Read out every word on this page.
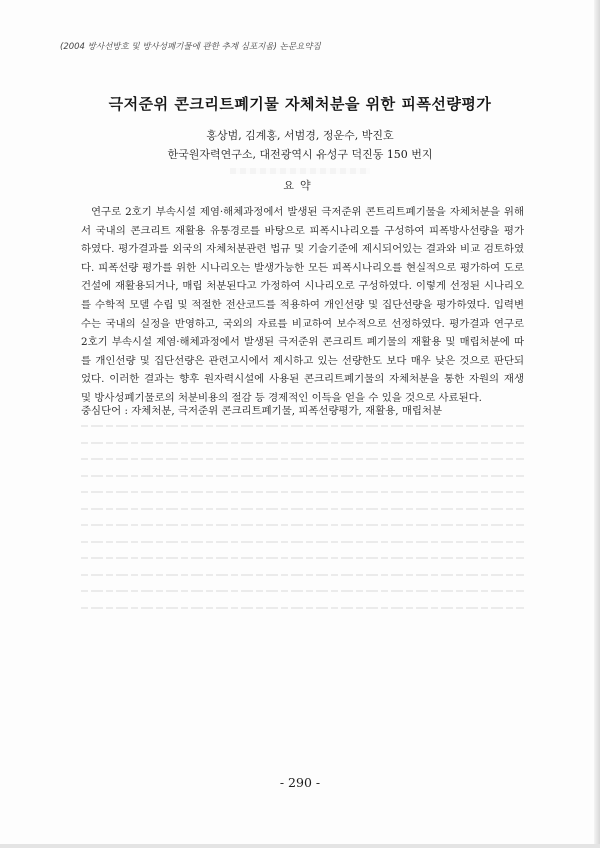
(2004 방사선방호 및 방사성폐기물에 관한 추계 심포지움) 논문요약집
극저준위 콘크리트폐기물 자체처분을 위한 피폭선량평가
홍상범, 김계홍, 서범경, 정운수, 박진호
한국원자력연구소, 대전광역시 유성구 덕진동 150 번지
요약
연구로 2호기 부속시설 제염·해체과정에서 발생된 극저준위 콘트리트폐기물을 자체처분을 위해
서 국내의 콘크리트 재활용 유통경로를 바탕으로 피폭시나리오를 구성하여 피폭방사선량을 평가
하였다. 평가결과를 외국의 자체처분관련 법규 및 기술기준에 제시되어있는 결과와 비교 검토하였
다. 피폭선량 평가를 위한 시나리오는 발생가능한 모든 피폭시나리오를 현실적으로 평가하여 도로
건설에 재활용되거나, 매립 처분된다고 가정하여 시나리오로 구성하였다. 이렇게 선정된 시나리오
를 수학적 모델 수립 및 적절한 전산코드를 적용하여 개인선량 및 집단선량을 평가하였다. 입력변
수는 국내의 실정을 반영하고, 국외의 자료를 비교하여 보수적으로 선정하였다. 평가결과 연구로
2호기 부속시설 제염·해체과정에서 발생된 극저준위 콘크리트 폐기물의 재활용 및 매립처분에 따
를 개인선량 및 집단선량은 관련고시에서 제시하고 있는 선량한도 보다 매우 낮은 것으로 판단되
었다. 이러한 결과는 향후 원자력시설에 사용된 콘크리트폐기물의 자체처분을 통한 자원의 재생
및 방사성폐기물로의 처분비용의 절감 등 경제적인 이득을 얻을 수 있을 것으로 사료된다.
중심단어 : 자체처분, 극저준위 콘크리트폐기물, 피폭선량평가, 재활용, 매립처분
- 290 -
